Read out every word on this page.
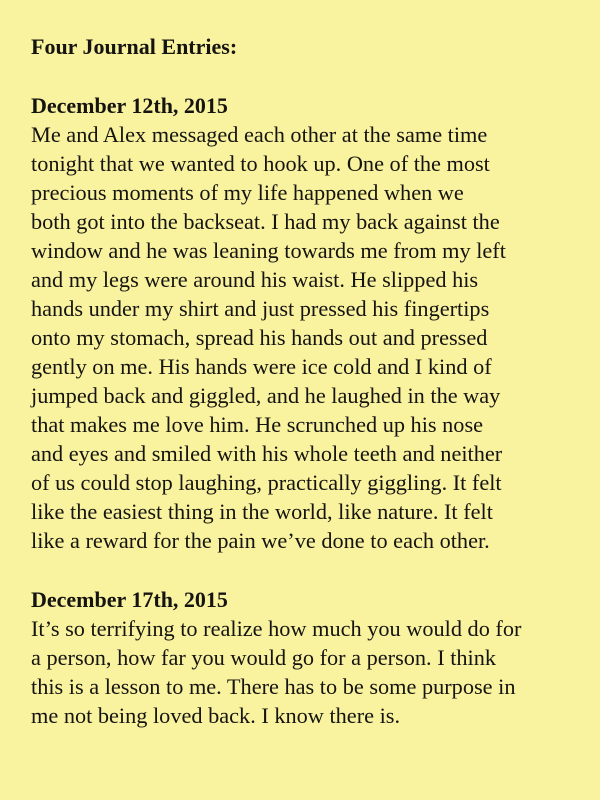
Four Journal Entries:
December 12th, 2015

Me and Alex messaged each other at the same time
tonight that we wanted to hook up. One of the most
precious moments of my life happened when we
both got into the backseat. I had my back against the
window and he was leaning towards me from my left
and my legs were around his waist. He slipped his
hands under my shirt and just pressed his fingertips
onto my stomach, spread his hands out and pressed
gently on me. His hands were ice cold and I kind of
jumped back and giggled, and he laughed in the way
that makes me love him. He scrunched up his nose
and eyes and smiled with his whole teeth and neither
of us could stop laughing, practically giggling. It felt
like the easiest thing in the world, like nature. It felt
like a reward for the pain we’ve done to each other.

December 17th, 2015

It’s so terrifying to realize how much you would do for
a person, how far you would go for a person. I think
this is a lesson to me. There has to be some purpose in
me not being loved back. I know there is.
